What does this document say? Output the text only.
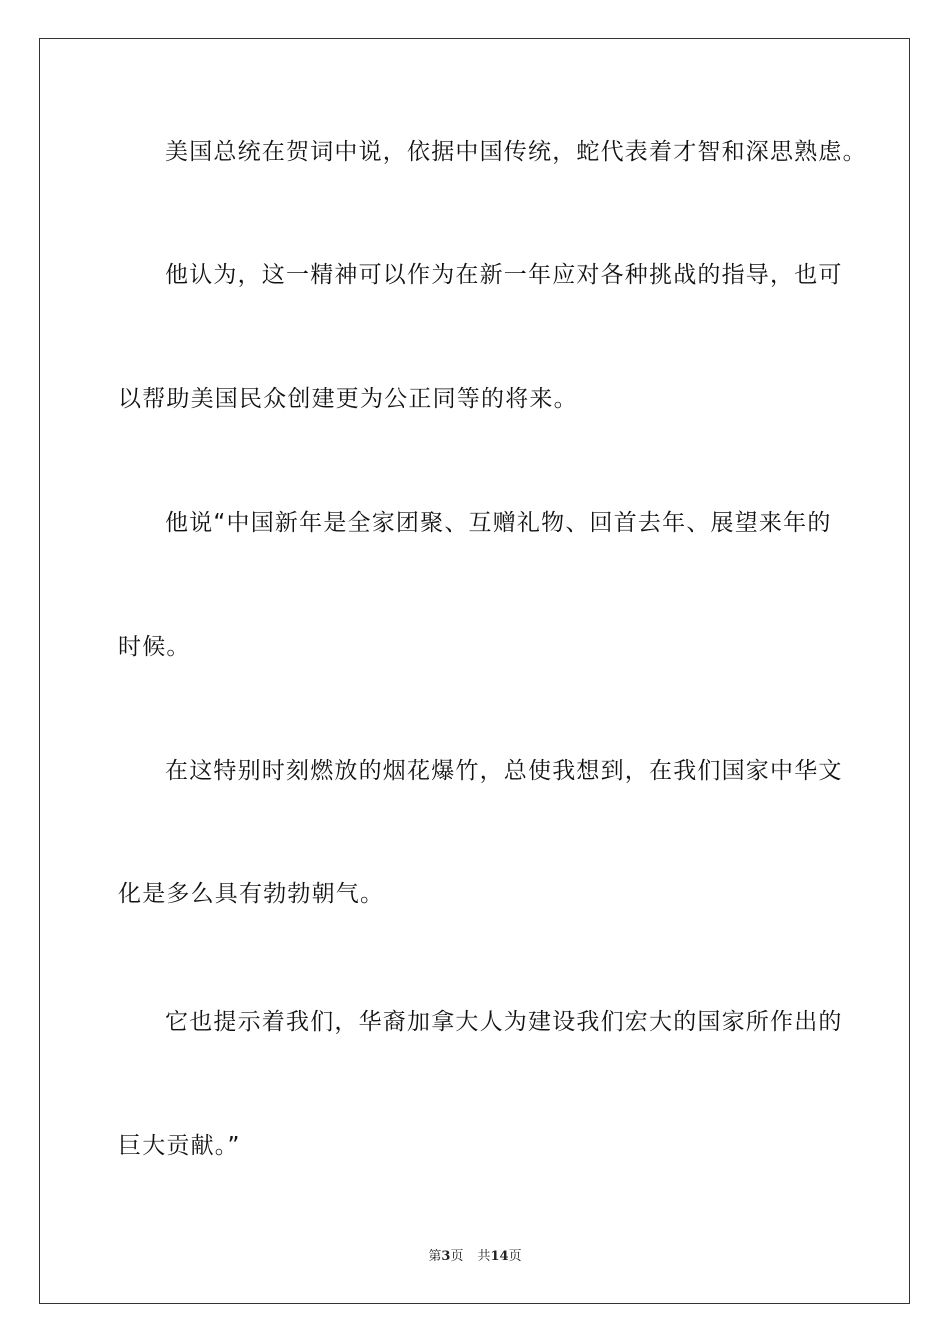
美国总统在贺词中说，依据中国传统，蛇代表着才智和深思熟虑。
他认为，这一精神可以作为在新一年应对各种挑战的指导，也可
以帮助美国民众创建更为公正同等的将来。
他说“中国新年是全家团聚、互赠礼物、回首去年、展望来年的
时候。
在这特别时刻燃放的烟花爆竹，总使我想到，在我们国家中华文
化是多么具有勃勃朝气。
它也提示着我们，华裔加拿大人为建设我们宏大的国家所作出的
巨大贡献。”
第3页 共14页
